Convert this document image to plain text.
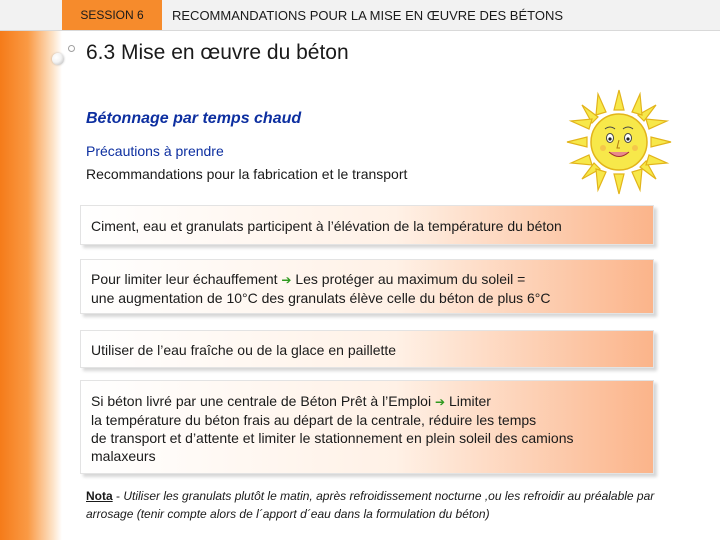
SESSION 6 RECOMMANDATIONS POUR LA MISE EN ŒUVRE DES BÉTONS
6.3 Mise en œuvre du béton
Bétonnage par temps chaud
Précautions à prendre
Recommandations pour la fabrication et le transport
Ciment, eau et granulats participent à l’élévation de la température du béton
Pour limiter leur échauffement ➔ Les protéger au maximum du soleil =
une augmentation de 10°C des granulats élève celle du béton de plus 6°C
Utiliser de l’eau fraîche ou de la glace en paillette
Si béton livré par une centrale de Béton Prêt à l’Emploi ➔ Limiter
la température du béton frais au départ de la centrale, réduire les temps
de transport et d’attente et limiter le stationnement en plein soleil des camions
malaxeurs
Nota - Utiliser les granulats plutôt le matin, après refroidissement nocturne ,ou les refroidir au préalable par arrosage (tenir compte alors de l´apport d´eau dans la formulation du béton)
